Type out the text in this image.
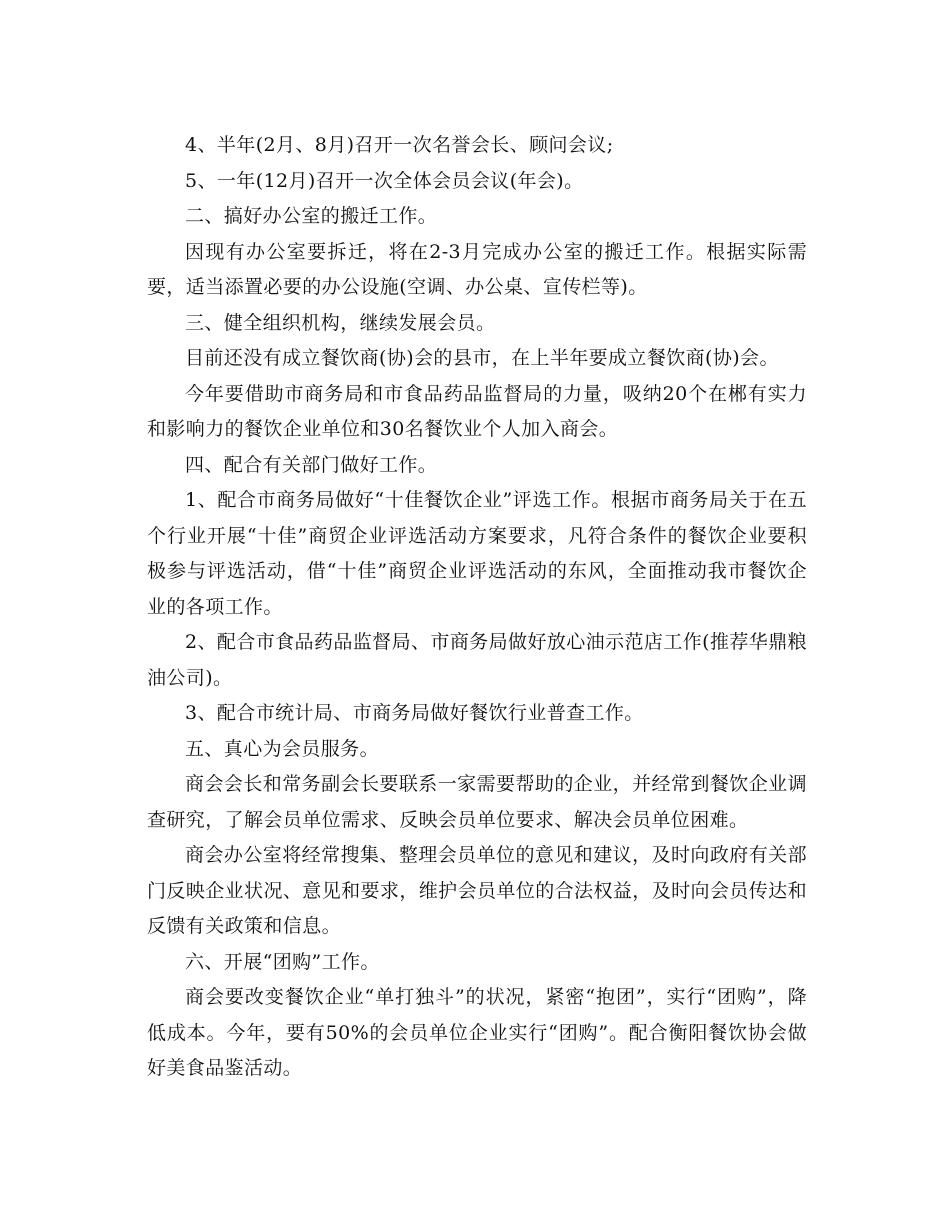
4、半年(2月、8月)召开一次名誉会长、顾问会议;

5、一年(12月)召开一次全体会员会议(年会)。

二、搞好办公室的搬迁工作。

因现有办公室要拆迁，将在2-3月完成办公室的搬迁工作。根据实际需要，适当添置必要的办公设施(空调、办公桌、宣传栏等)。

三、健全组织机构，继续发展会员。

目前还没有成立餐饮商(协)会的县市，在上半年要成立餐饮商(协)会。

今年要借助市商务局和市食品药品监督局的力量，吸纳20个在郴有实力和影响力的餐饮企业单位和30名餐饮业个人加入商会。

四、配合有关部门做好工作。

1、配合市商务局做好“十佳餐饮企业”评选工作。根据市商务局关于在五个行业开展“十佳”商贸企业评选活动方案要求，凡符合条件的餐饮企业要积极参与评选活动，借“十佳”商贸企业评选活动的东风，全面推动我市餐饮企业的各项工作。

2、配合市食品药品监督局、市商务局做好放心油示范店工作(推荐华鼎粮油公司)。

3、配合市统计局、市商务局做好餐饮行业普查工作。

五、真心为会员服务。

商会会长和常务副会长要联系一家需要帮助的企业，并经常到餐饮企业调查研究，了解会员单位需求、反映会员单位要求、解决会员单位困难。

商会办公室将经常搜集、整理会员单位的意见和建议，及时向政府有关部门反映企业状况、意见和要求，维护会员单位的合法权益，及时向会员传达和反馈有关政策和信息。

六、开展“团购”工作。

商会要改变餐饮企业“单打独斗”的状况，紧密“抱团”，实行“团购”，降低成本。今年，要有50%的会员单位企业实行“团购”。配合衡阳餐饮协会做好美食品鉴活动。
